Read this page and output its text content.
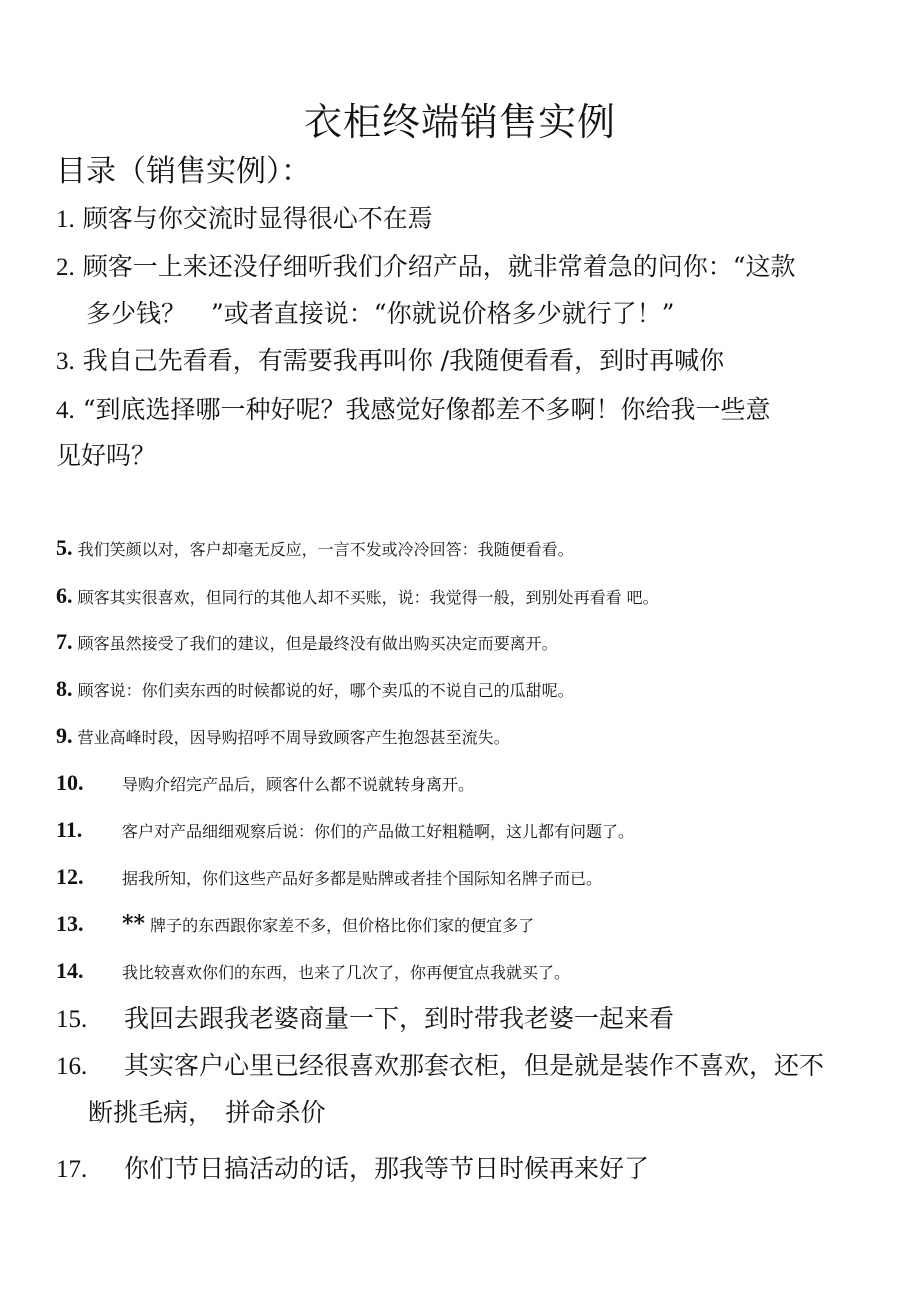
衣柜终端销售实例
目录（销售实例）：
1. 顾客与你交流时显得很心不在焉
2. 顾客一上来还没仔细听我们介绍产品，就非常着急的问你：“这款
多少钱？　”或者直接说：“你就说价格多少就行了！”
3. 我自己先看看，有需要我再叫你 /我随便看看，到时再喊你
4. “到底选择哪一种好呢？我感觉好像都差不多啊！你给我一些意
见好吗？
5. 我们笑颜以对，客户却毫无反应，一言不发或冷冷回答：我随便看看。
6. 顾客其实很喜欢，但同行的其他人却不买账，说：我觉得一般，到别处再看看 吧。
7. 顾客虽然接受了我们的建议，但是最终没有做出购买决定而要离开。
8. 顾客说：你们卖东西的时候都说的好，哪个卖瓜的不说自己的瓜甜呢。
9. 营业高峰时段，因导购招呼不周导致顾客产生抱怨甚至流失。
10. 导购介绍完产品后，顾客什么都不说就转身离开。
11. 客户对产品细细观察后说：你们的产品做工好粗糙啊，这儿都有问题了。
12. 据我所知，你们这些产品好多都是贴牌或者挂个国际知名牌子而已。
13. ** 牌子的东西跟你家差不多，但价格比你们家的便宜多了
14. 我比较喜欢你们的东西，也来了几次了，你再便宜点我就买了。
15. 我回去跟我老婆商量一下，到时带我老婆一起来看
16. 其实客户心里已经很喜欢那套衣柜，但是就是装作不喜欢，还不
断挑毛病，　拼命杀价
17. 你们节日搞活动的话，那我等节日时候再来好了
